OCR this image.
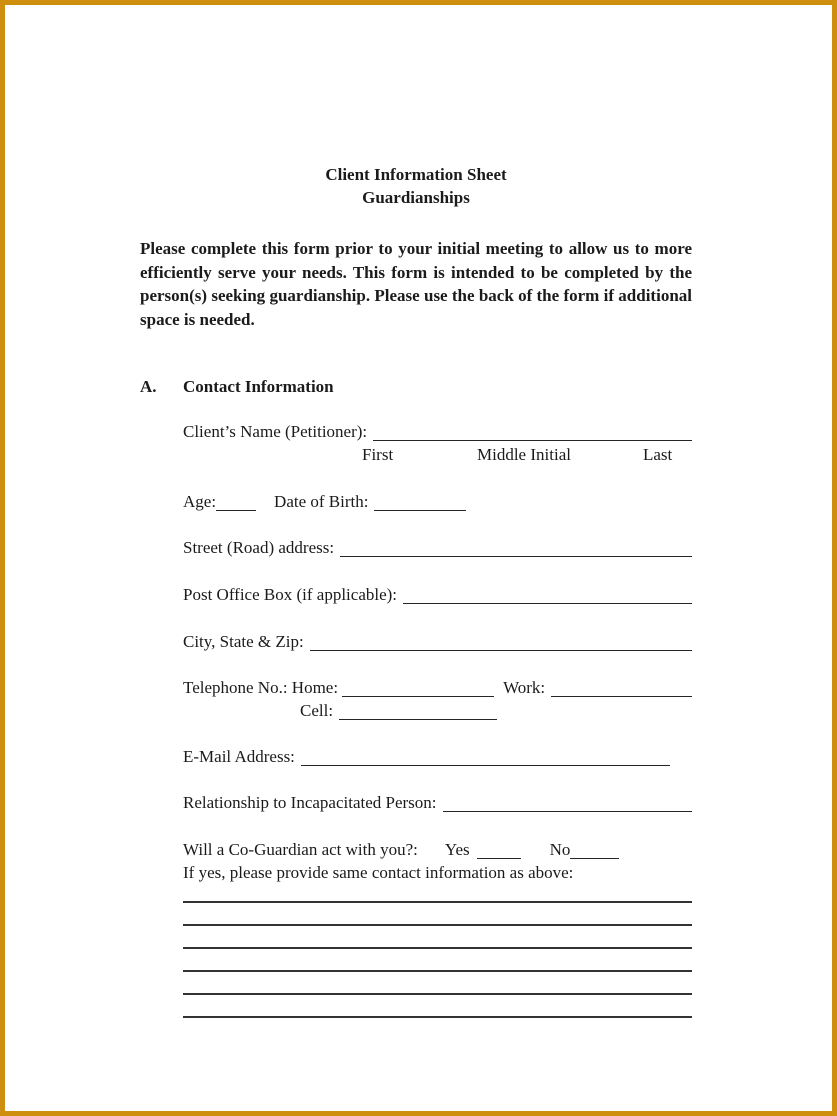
Client Information Sheet
Guardianships

Please complete this form prior to your initial meeting to allow us to more efficiently serve your needs. This form is intended to be completed by the person(s) seeking guardianship. Please use the back of the form if additional space is needed.

A.	Contact Information
Client’s Name (Petitioner):
First	Middle Initial	Last
Age:	Date of Birth:
Street (Road) address:
Post Office Box (if applicable):
City, State & Zip:
Telephone No.: Home:	Work:
Cell:
E-Mail Address:
Relationship to Incapacitated Person:
Will a Co-Guardian act with you?: Yes	No
If yes, please provide same contact information as above:
